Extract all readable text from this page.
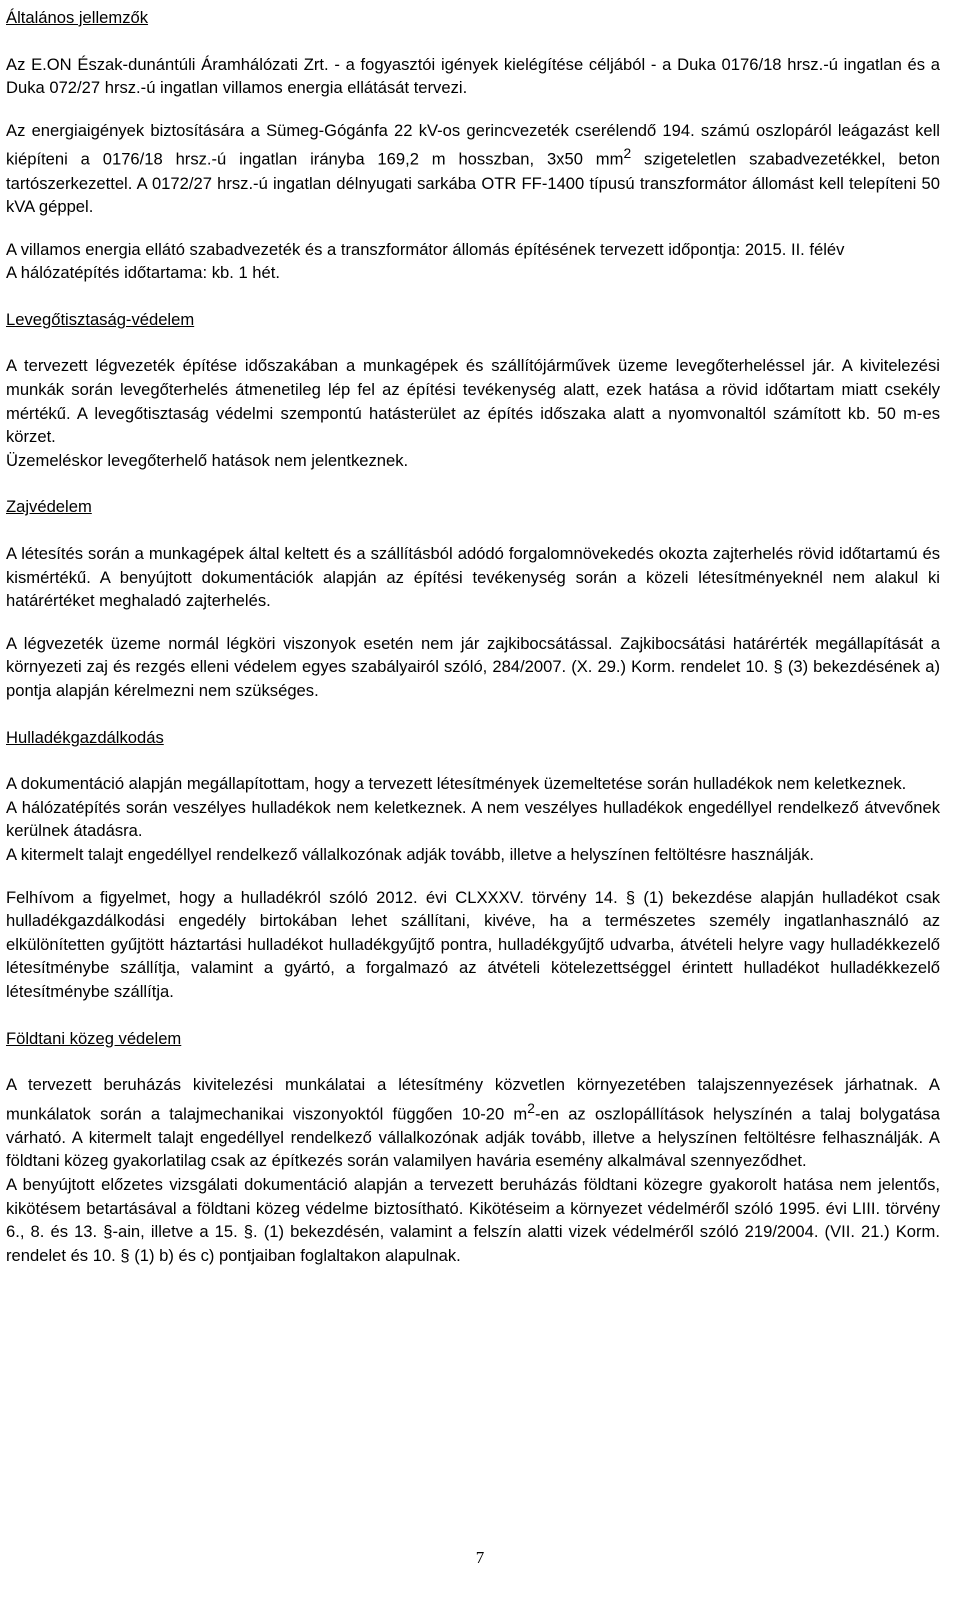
Általános jellemzők

Az E.ON Észak-dunántúli Áramhálózati Zrt. - a fogyasztói igények kielégítése céljából - a Duka 0176/18 hrsz.-ú ingatlan és a Duka 072/27 hrsz.-ú ingatlan villamos energia ellátását tervezi.

Az energiaigények biztosítására a Sümeg-Gógánfa 22 kV-os gerincvezeték cserélendő 194. számú oszlopáról leágazást kell kiépíteni a 0176/18 hrsz.-ú ingatlan irányba 169,2 m hosszban, 3x50 $mm^2$ szigeteletlen szabadvezetékkel, beton tartószerkezettel. A 0172/27 hrsz.-ú ingatlan délnyugati sarkába OTR FF-1400 típusú transzformátor állomást kell telepíteni 50 kVA géppel.

A villamos energia ellátó szabadvezeték és a transzformátor állomás építésének tervezett időpontja: 2015. II. félév

A hálózatépítés időtartama: kb. 1 hét.

Levegőtisztaság-védelem

A tervezett légvezeték építése időszakában a munkagépek és szállítójárművek üzeme levegőterheléssel jár. A kivitelezési munkák során levegőterhelés átmenetileg lép fel az építési tevékenység alatt, ezek hatása a rövid időtartam miatt csekély mértékű. A levegőtisztaság védelmi szempontú hatásterület az építés időszaka alatt a nyomvonaltól számított kb. 50 m-es körzet.

Üzemeléskor levegőterhelő hatások nem jelentkeznek.

Zajvédelem

A létesítés során a munkagépek által keltett és a szállításból adódó forgalomnövekedés okozta zajterhelés rövid időtartamú és kismértékű. A benyújtott dokumentációk alapján az építési tevékenység során a közeli létesítményeknél nem alakul ki határértéket meghaladó zajterhelés.

A légvezeték üzeme normál légköri viszonyok esetén nem jár zajkibocsátással. Zajkibocsátási határérték megállapítását a környezeti zaj és rezgés elleni védelem egyes szabályairól szóló, 284/2007. (X. 29.) Korm. rendelet 10. § (3) bekezdésének a) pontja alapján kérelmezni nem szükséges.

Hulladékgazdálkodás

A dokumentáció alapján megállapítottam, hogy a tervezett létesítmények üzemeltetése során hulladékok nem keletkeznek.

A hálózatépítés során veszélyes hulladékok nem keletkeznek. A nem veszélyes hulladékok engedéllyel rendelkező átvevőnek kerülnek átadásra.

A kitermelt talajt engedéllyel rendelkező vállalkozónak adják tovább, illetve a helyszínen feltöltésre használják.

Felhívom a figyelmet, hogy a hulladékról szóló 2012. évi CLXXXV. törvény 14. § (1) bekezdése alapján hulladékot csak hulladékgazdálkodási engedély birtokában lehet szállítani, kivéve, ha a természetes személy ingatlanhasználó az elkülönítetten gyűjtött háztartási hulladékot hulladékgyűjtő pontra, hulladékgyűjtő udvarba, átvételi helyre vagy hulladékkezelő létesítménybe szállítja, valamint a gyártó, a forgalmazó az átvételi kötelezettséggel érintett hulladékot hulladékkezelő létesítménybe szállítja.

Földtani közeg védelem

A tervezett beruházás kivitelezési munkálatai a létesítmény közvetlen környezetében talajszennyezések járhatnak. A munkálatok során a talajmechanikai viszonyoktól függően 10-20 $m^2-en$ az oszlopállítások helyszínén a talaj bolygatása várható. A kitermelt talajt engedéllyel rendelkező vállalkozónak adják tovább, illetve a helyszínen feltöltésre felhasználják. A földtani közeg gyakorlatilag csak az építkezés során valamilyen havária esemény alkalmával szennyeződhet.

A benyújtott előzetes vizsgálati dokumentáció alapján a tervezett beruházás földtani közegre gyakorolt hatása nem jelentős, kikötésem betartásával a földtani közeg védelme biztosítható. Kikötéseim a környezet védelméről szóló 1995. évi LIII. törvény 6., 8. és 13. §-ain, illetve a 15. §. (1) bekezdésén, valamint a felszín alatti vizek védelméről szóló 219/2004. (VII. 21.) Korm. rendelet és 10. § (1) b) és c) pontjaiban foglaltakon alapulnak.

7
